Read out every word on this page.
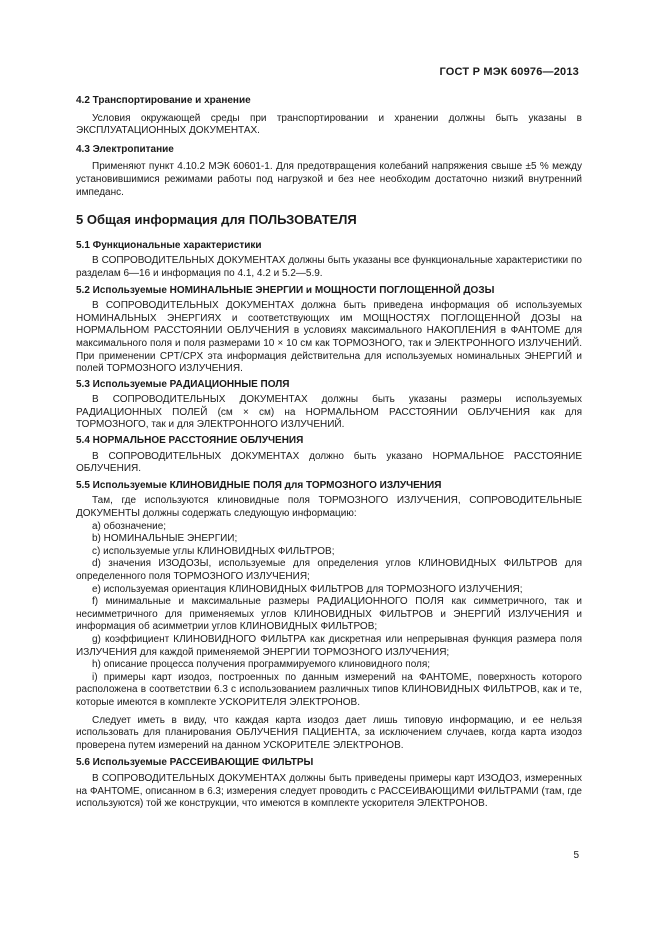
ГОСТ Р МЭК 60976—2013
4.2 Транспортирование и хранение
Условия окружающей среды при транспортировании и хранении должны быть указаны в ЭКСПЛУАТАЦИОННЫХ ДОКУМЕНТАХ.
4.3 Электропитание
Применяют пункт 4.10.2 МЭК 60601-1. Для предотвращения колебаний напряжения свыше ±5 % между установившимися режимами работы под нагрузкой и без нее необходим достаточно низкий внутренний импеданс.
5 Общая информация для ПОЛЬЗОВАТЕЛЯ
5.1 Функциональные характеристики
В СОПРОВОДИТЕЛЬНЫХ ДОКУМЕНТАХ должны быть указаны все функциональные характеристики по разделам 6—16 и информация по 4.1, 4.2 и 5.2—5.9.
5.2 Используемые НОМИНАЛЬНЫЕ ЭНЕРГИИ и МОЩНОСТИ ПОГЛОЩЕННОЙ ДОЗЫ
В СОПРОВОДИТЕЛЬНЫХ ДОКУМЕНТАХ должна быть приведена информация об используемых НОМИНАЛЬНЫХ ЭНЕРГИЯХ и соответствующих им МОЩНОСТЯХ ПОГЛОЩЕННОЙ ДОЗЫ на НОРМАЛЬНОМ РАССТОЯНИИ ОБЛУЧЕНИЯ в условиях максимального НАКОПЛЕНИЯ в ФАНТОМЕ для максимального поля и поля размерами 10 × 10 см как ТОРМОЗНОГО, так и ЭЛЕКТРОННОГО ИЗЛУЧЕНИЙ. При применении CPT/CPX эта информация действительна для используемых номинальных ЭНЕРГИЙ и полей ТОРМОЗНОГО ИЗЛУЧЕНИЯ.
5.3 Используемые РАДИАЦИОННЫЕ ПОЛЯ
В СОПРОВОДИТЕЛЬНЫХ ДОКУМЕНТАХ должны быть указаны размеры используемых РАДИАЦИОННЫХ ПОЛЕЙ (см × см) на НОРМАЛЬНОМ РАССТОЯНИИ ОБЛУЧЕНИЯ как для ТОРМОЗНОГО, так и для ЭЛЕКТРОННОГО ИЗЛУЧЕНИЙ.
5.4 НОРМАЛЬНОЕ РАССТОЯНИЕ ОБЛУЧЕНИЯ
В СОПРОВОДИТЕЛЬНЫХ ДОКУМЕНТАХ должно быть указано НОРМАЛЬНОЕ РАССТОЯНИЕ ОБЛУЧЕНИЯ.
5.5 Используемые КЛИНОВИДНЫЕ ПОЛЯ для ТОРМОЗНОГО ИЗЛУЧЕНИЯ
Там, где используются клиновидные поля ТОРМОЗНОГО ИЗЛУЧЕНИЯ, СОПРОВОДИТЕЛЬНЫЕ ДОКУМЕНТЫ должны содержать следующую информацию:
a) обозначение;
b) НОМИНАЛЬНЫЕ ЭНЕРГИИ;
c) используемые углы КЛИНОВИДНЫХ ФИЛЬТРОВ;
d) значения ИЗОДОЗЫ, используемые для определения углов КЛИНОВИДНЫХ ФИЛЬТРОВ для определенного поля ТОРМОЗНОГО ИЗЛУЧЕНИЯ;
e) используемая ориентация КЛИНОВИДНЫХ ФИЛЬТРОВ для ТОРМОЗНОГО ИЗЛУЧЕНИЯ;
f) минимальные и максимальные размеры РАДИАЦИОННОГО ПОЛЯ как симметричного, так и несимметричного для применяемых углов КЛИНОВИДНЫХ ФИЛЬТРОВ и ЭНЕРГИЙ ИЗЛУЧЕНИЯ и информация об асимметрии углов КЛИНОВИДНЫХ ФИЛЬТРОВ;
g) коэффициент КЛИНОВИДНОГО ФИЛЬТРА как дискретная или непрерывная функция размера поля ИЗЛУЧЕНИЯ для каждой применяемой ЭНЕРГИИ ТОРМОЗНОГО ИЗЛУЧЕНИЯ;
h) описание процесса получения программируемого клиновидного поля;
i) примеры карт изодоз, построенных по данным измерений на ФАНТОМЕ, поверхность которого расположена в соответствии 6.3 с использованием различных типов КЛИНОВИДНЫХ ФИЛЬТРОВ, как и те, которые имеются в комплекте УСКОРИТЕЛЯ ЭЛЕКТРОНОВ.
Следует иметь в виду, что каждая карта изодоз дает лишь типовую информацию, и ее нельзя использовать для планирования ОБЛУЧЕНИЯ ПАЦИЕНТА, за исключением случаев, когда карта изодоз проверена путем измерений на данном УСКОРИТЕЛЕ ЭЛЕКТРОНОВ.
5.6 Используемые РАССЕИВАЮЩИЕ ФИЛЬТРЫ
В СОПРОВОДИТЕЛЬНЫХ ДОКУМЕНТАХ должны быть приведены примеры карт ИЗОДОЗ, измеренных на ФАНТОМЕ, описанном в 6.3; измерения следует проводить с РАССЕИВАЮЩИМИ ФИЛЬТРАМИ (там, где используются) той же конструкции, что имеются в комплекте ускорителя ЭЛЕКТРОНОВ.
5
